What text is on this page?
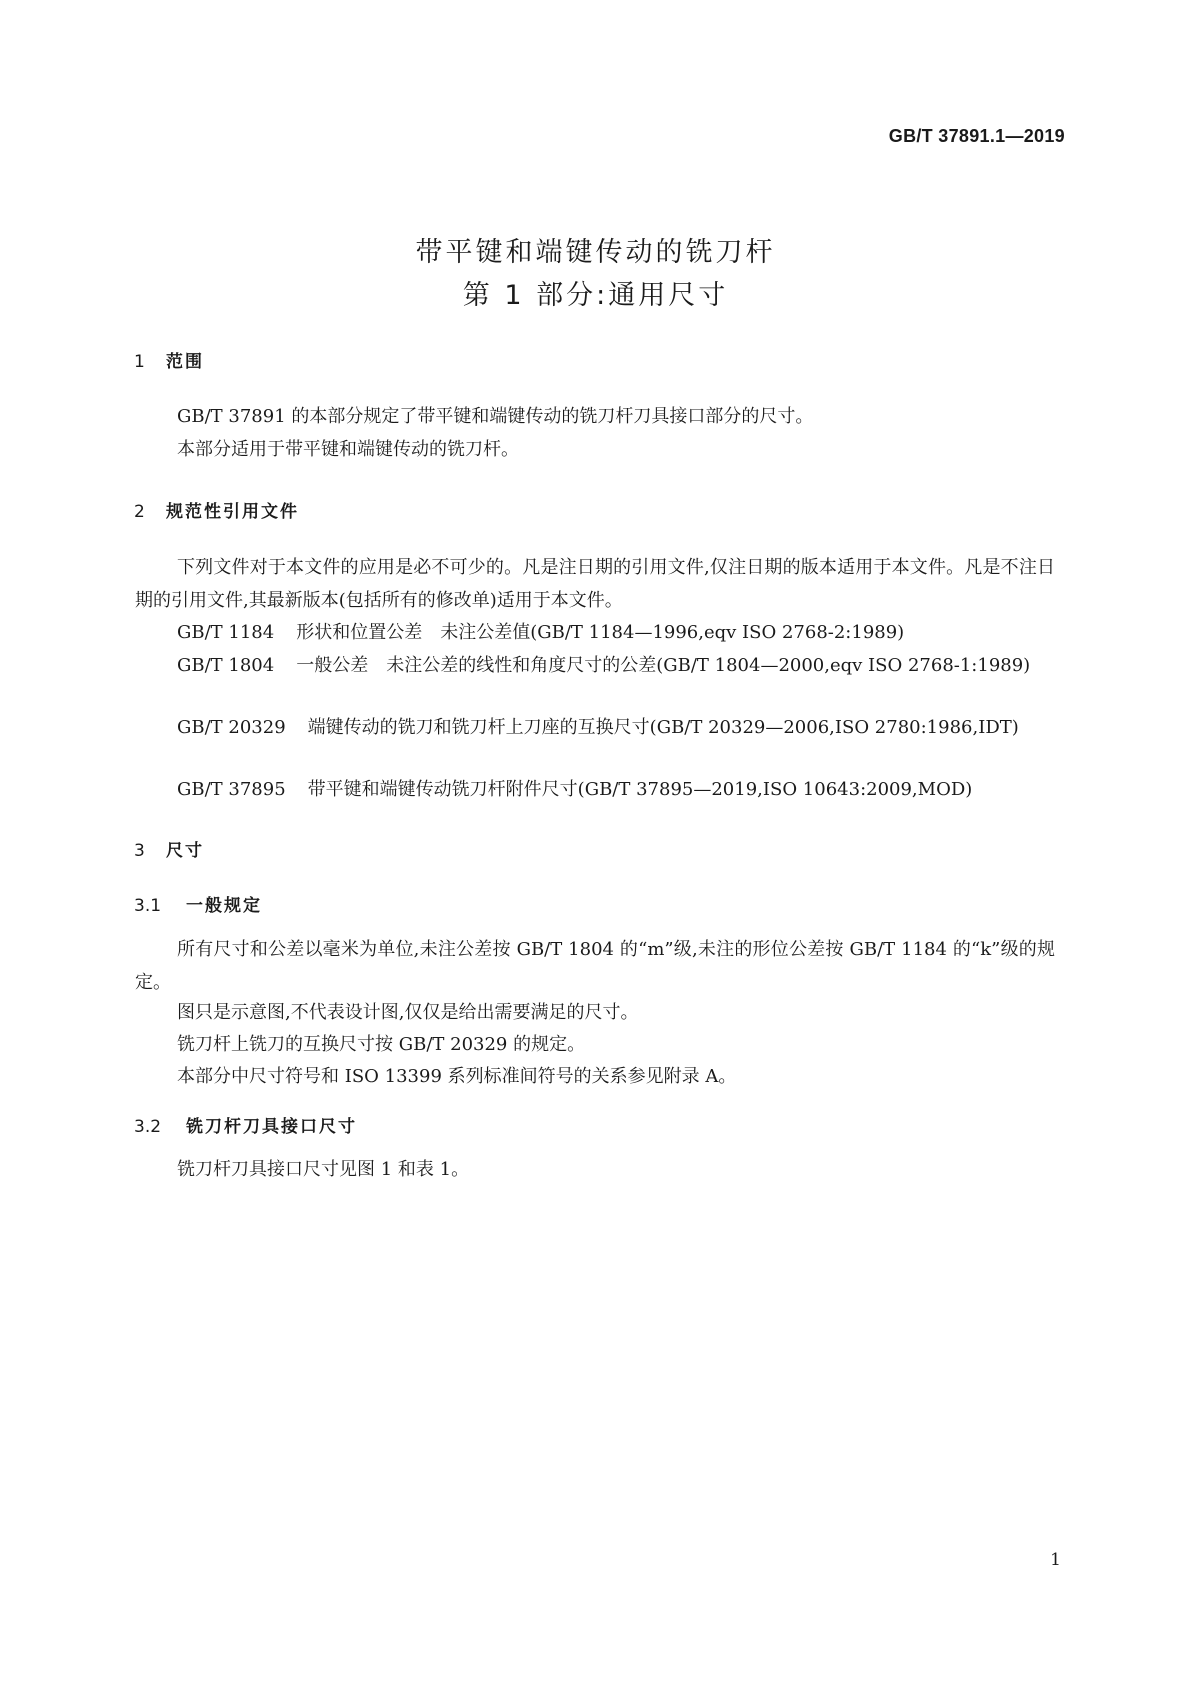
GB/T 37891.1—2019
带平键和端键传动的铣刀杆
第 1 部分:通用尺寸
1 范围

GB/T 37891 的本部分规定了带平键和端键传动的铣刀杆刀具接口部分的尺寸。

本部分适用于带平键和端键传动的铣刀杆。

2 规范性引用文件

下列文件对于本文件的应用是必不可少的。凡是注日期的引用文件,仅注日期的版本适用于本文件。凡是不注日期的引用文件,其最新版本(包括所有的修改单)适用于本文件。

GB/T 1184 形状和位置公差　未注公差值(GB/T 1184—1996,eqv ISO 2768-2:1989)

GB/T 1804 一般公差　未注公差的线性和角度尺寸的公差(GB/T 1804—2000,eqv ISO 2768-1:1989)

GB/T 20329 端键传动的铣刀和铣刀杆上刀座的互换尺寸(GB/T 20329—2006,ISO 2780:1986,IDT)

GB/T 37895 带平键和端键传动铣刀杆附件尺寸(GB/T 37895—2019,ISO 10643:2009,MOD)

3 尺寸
3.1 一般规定

所有尺寸和公差以毫米为单位,未注公差按 GB/T 1804 的“m”级,未注的形位公差按 GB/T 1184 的“k”级的规定。

图只是示意图,不代表设计图,仅仅是给出需要满足的尺寸。

铣刀杆上铣刀的互换尺寸按 GB/T 20329 的规定。

本部分中尺寸符号和 ISO 13399 系列标准间符号的关系参见附录 A。

3.2 铣刀杆刀具接口尺寸

铣刀杆刀具接口尺寸见图 1 和表 1。

1
